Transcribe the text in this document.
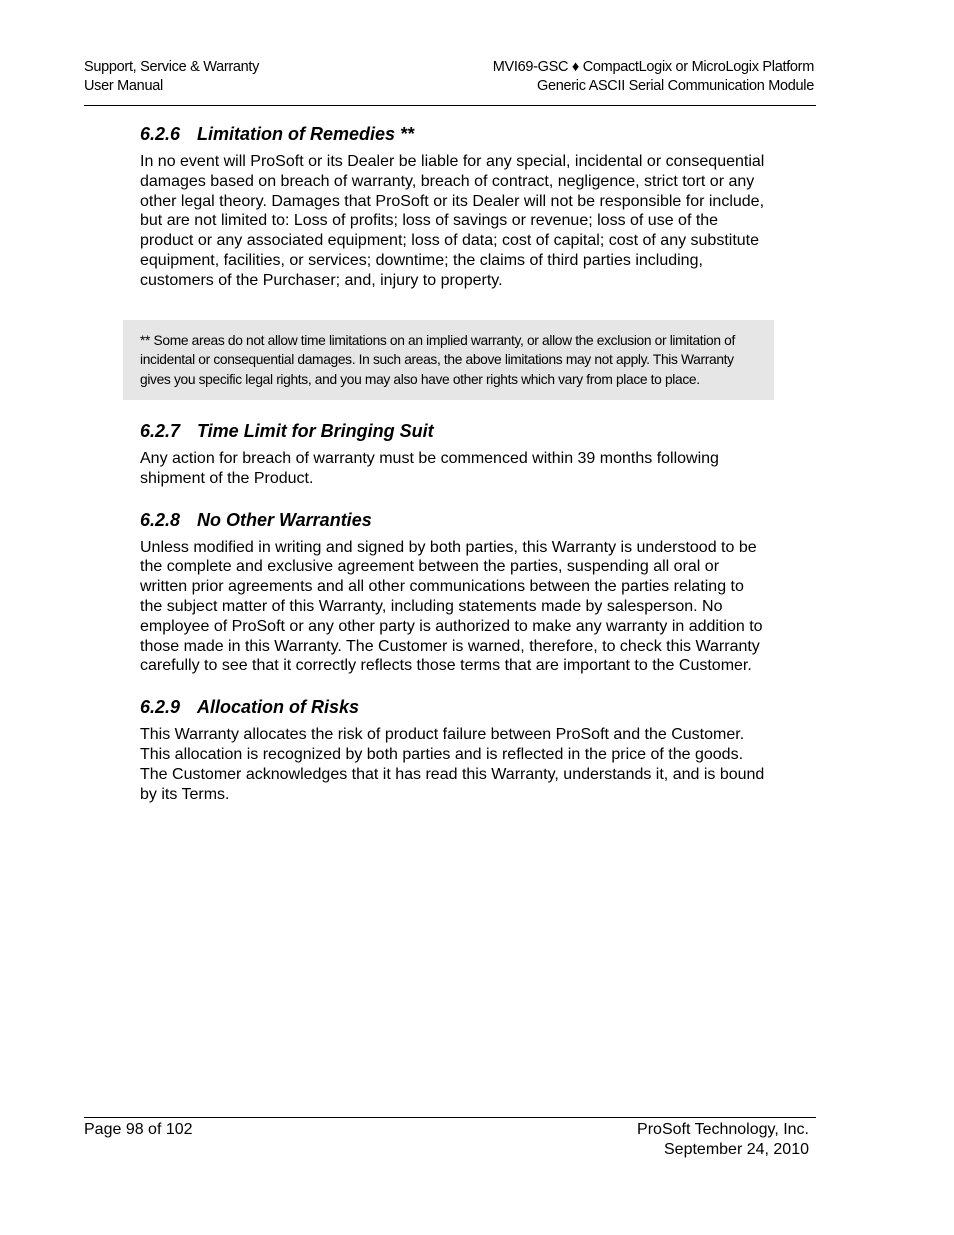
Support, Service & Warranty
User Manual
MVI69-GSC ♦ CompactLogix or MicroLogix Platform
Generic ASCII Serial Communication Module
6.2.6 Limitation of Remedies **

In no event will ProSoft or its Dealer be liable for any special, incidental or consequential damages based on breach of warranty, breach of contract, negligence, strict tort or any other legal theory. Damages that ProSoft or its Dealer will not be responsible for include, but are not limited to: Loss of profits; loss of savings or revenue; loss of use of the product or any associated equipment; loss of data; cost of capital; cost of any substitute equipment, facilities, or services; downtime; the claims of third parties including, customers of the Purchaser; and, injury to property.

** Some areas do not allow time limitations on an implied warranty, or allow the exclusion or limitation of incidental or consequential damages. In such areas, the above limitations may not apply. This Warranty gives you specific legal rights, and you may also have other rights which vary from place to place.
6.2.7 Time Limit for Bringing Suit

Any action for breach of warranty must be commenced within 39 months following shipment of the Product.

6.2.8 No Other Warranties

Unless modified in writing and signed by both parties, this Warranty is understood to be the complete and exclusive agreement between the parties, suspending all oral or written prior agreements and all other communications between the parties relating to the subject matter of this Warranty, including statements made by salesperson. No employee of ProSoft or any other party is authorized to make any warranty in addition to those made in this Warranty. The Customer is warned, therefore, to check this Warranty carefully to see that it correctly reflects those terms that are important to the Customer.

6.2.9 Allocation of Risks

This Warranty allocates the risk of product failure between ProSoft and the Customer. This allocation is recognized by both parties and is reflected in the price of the goods. The Customer acknowledges that it has read this Warranty, understands it, and is bound by its Terms.

Page 98 of 102	ProSoft Technology, Inc.
September 24, 2010
